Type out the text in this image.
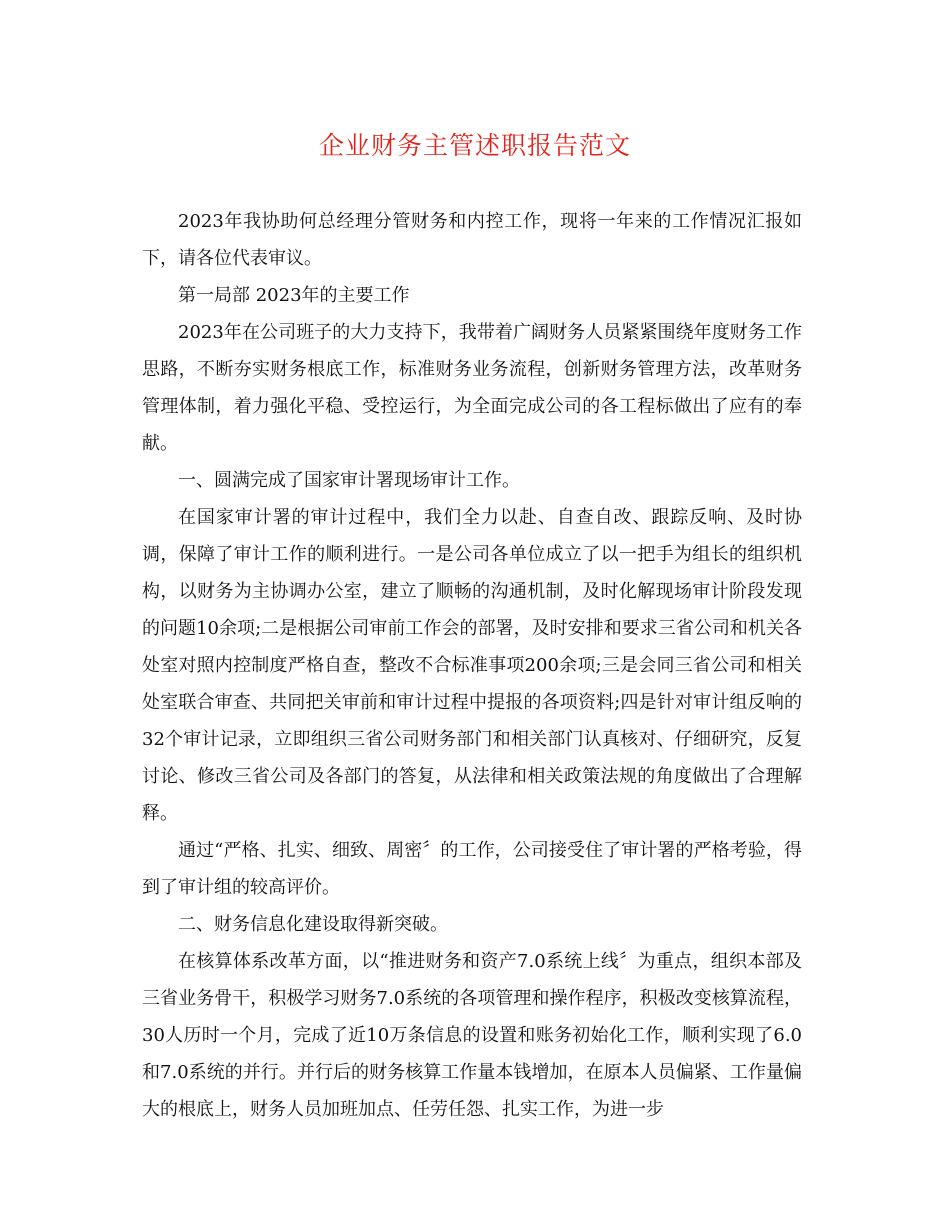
企业财务主管述职报告范文

2023年我协助何总经理分管财务和内控工作，现将一年来的工作情况汇报如下，请各位代表审议。

第一局部 2023年的主要工作

2023年在公司班子的大力支持下，我带着广阔财务人员紧紧围绕年度财务工作思路，不断夯实财务根底工作，标准财务业务流程，创新财务管理方法，改革财务管理体制，着力强化平稳、受控运行，为全面完成公司的各工程标做出了应有的奉献。

一、圆满完成了国家审计署现场审计工作。

在国家审计署的审计过程中，我们全力以赴、自查自改、跟踪反响、及时协调，保障了审计工作的顺利进行。一是公司各单位成立了以一把手为组长的组织机构，以财务为主协调办公室，建立了顺畅的沟通机制，及时化解现场审计阶段发现的问题10余项;二是根据公司审前工作会的部署，及时安排和要求三省公司和机关各处室对照内控制度严格自查，整改不合标准事项200余项;三是会同三省公司和相关处室联合审查、共同把关审前和审计过程中提报的各项资料;四是针对审计组反响的32个审计记录，立即组织三省公司财务部门和相关部门认真核对、仔细研究，反复讨论、修改三省公司及各部门的答复，从法律和相关政策法规的角度做出了合理解释。

通过“严格、扎实、细致、周密〞的工作，公司接受住了审计署的严格考验，得到了审计组的较高评价。

二、财务信息化建设取得新突破。

在核算体系改革方面，以“推进财务和资产7.0系统上线〞为重点，组织本部及三省业务骨干，积极学习财务7.0系统的各项管理和操作程序，积极改变核算流程，30人历时一个月，完成了近10万条信息的设置和账务初始化工作，顺利实现了6.0和7.0系统的并行。并行后的财务核算工作量本钱增加，在原本人员偏紧、工作量偏大的根底上，财务人员加班加点、任劳任怨、扎实工作，为进一步
